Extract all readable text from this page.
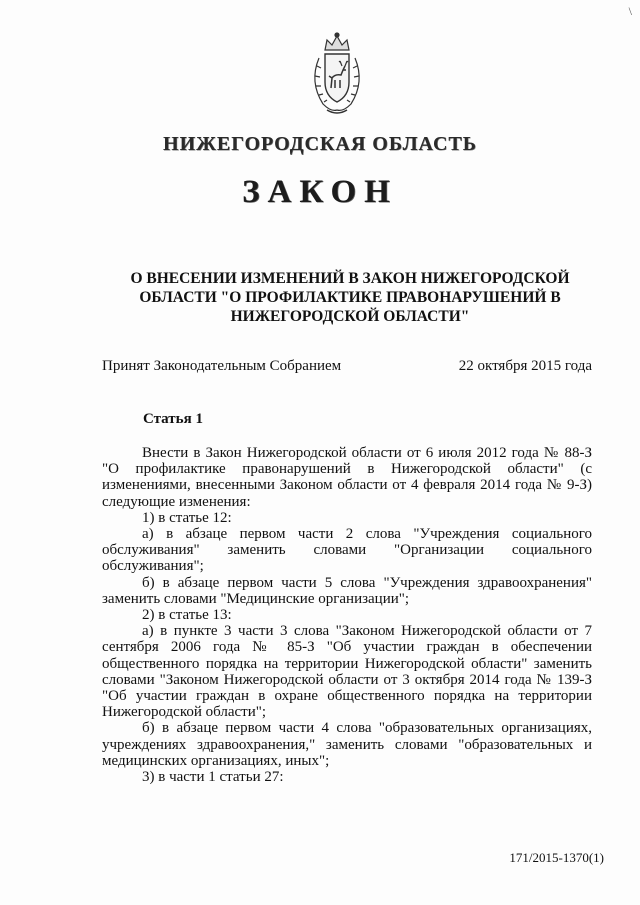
\
НИЖЕГОРОДСКАЯ ОБЛАСТЬ
ЗАКОН
О ВНЕСЕНИИ ИЗМЕНЕНИЙ В ЗАКОН НИЖЕГОРОДСКОЙ
ОБЛАСТИ "О ПРОФИЛАКТИКЕ ПРАВОНАРУШЕНИЙ В
НИЖЕГОРОДСКОЙ ОБЛАСТИ"
Принят Законодательным Собранием	22 октября 2015 года
Статья 1

Внести в Закон Нижегородской области от 6 июля 2012 года № 88-З "О профилактике правонарушений в Нижегородской области" (с изменениями, внесенными Законом области от 4 февраля 2014 года № 9-З) следующие изменения:

1) в статье 12:

а) в абзаце первом части 2 слова "Учреждения социального обслуживания" заменить словами "Организации социального обслуживания";

б) в абзаце первом части 5 слова "Учреждения здравоохранения" заменить словами "Медицинские организации";

2) в статье 13:

а) в пункте 3 части 3 слова "Законом Нижегородской области от 7 сентября 2006 года № 85-З "Об участии граждан в обеспечении общественного порядка на территории Нижегородской области" заменить словами "Законом Нижегородской области от 3 октября 2014 года № 139-З "Об участии граждан в охране общественного порядка на территории Нижегородской области";

б) в абзаце первом части 4 слова "образовательных организациях, учреждениях здравоохранения," заменить словами "образовательных и медицинских организациях, иных";

3) в части 1 статьи 27:

171/2015-1370(1)
